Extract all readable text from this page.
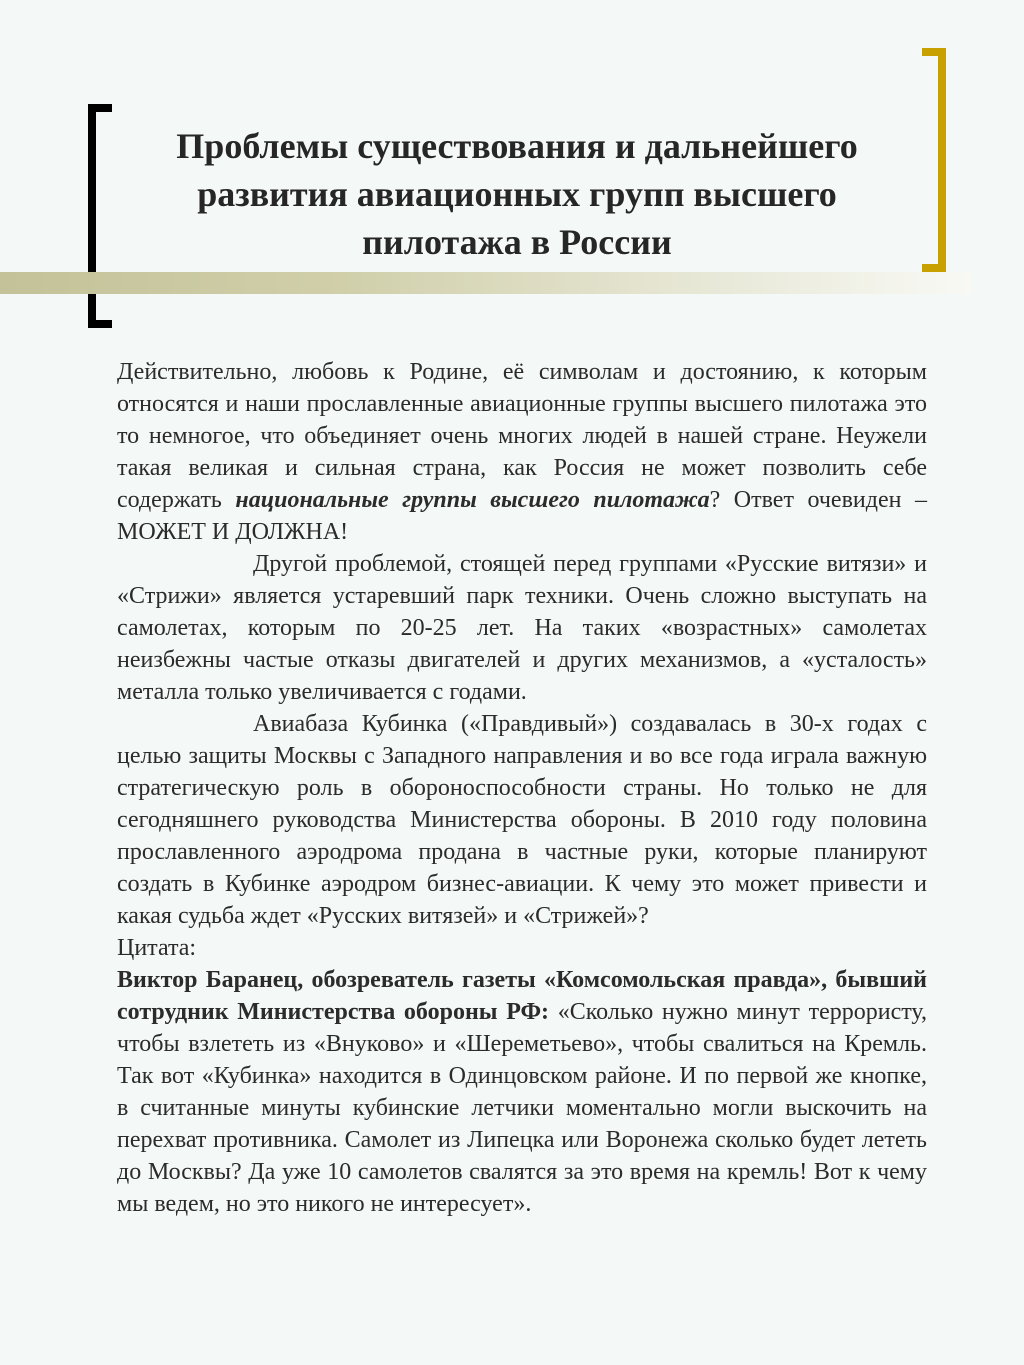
Проблемы существования и дальнейшего развития авиационных групп высшего пилотажа в России

Действительно, любовь к Родине, её символам и достоянию, к которым относятся и наши прославленные авиационные группы высшего пилотажа это то немногое, что объединяет очень многих людей в нашей стране. Неужели такая великая и сильная страна, как Россия не может позволить себе содержать национальные группы высшего пилотажа? Ответ очевиден – МОЖЕТ И ДОЛЖНА!

Другой проблемой, стоящей перед группами «Русские витязи» и «Стрижи» является устаревший парк техники. Очень сложно выступать на самолетах, которым по 20-25 лет. На таких «возрастных» самолетах неизбежны частые отказы двигателей и других механизмов, а «усталость» металла только увеличивается с годами.

Авиабаза Кубинка («Правдивый») создавалась в 30-х годах с целью защиты Москвы с Западного направления и во все года играла важную стратегическую роль в обороноспособности страны. Но только не для сегодняшнего руководства Министерства обороны. В 2010 году половина прославленного аэродрома продана в частные руки, которые планируют создать в Кубинке аэродром бизнес-авиации. К чему это может привести и какая судьба ждет «Русских витязей» и «Стрижей»?

Цитата:

Виктор Баранец, обозреватель газеты «Комсомольская правда», бывший сотрудник Министерства обороны РФ: «Сколько нужно минут террористу, чтобы взлететь из «Внуково» и «Шереметьево», чтобы свалиться на Кремль. Так вот «Кубинка» находится в Одинцовском районе. И по первой же кнопке, в считанные минуты кубинские летчики моментально могли выскочить на перехват противника. Самолет из Липецка или Воронежа сколько будет лететь до Москвы? Да уже 10 самолетов свалятся за это время на кремль! Вот к чему мы ведем, но это никого не интересует».
